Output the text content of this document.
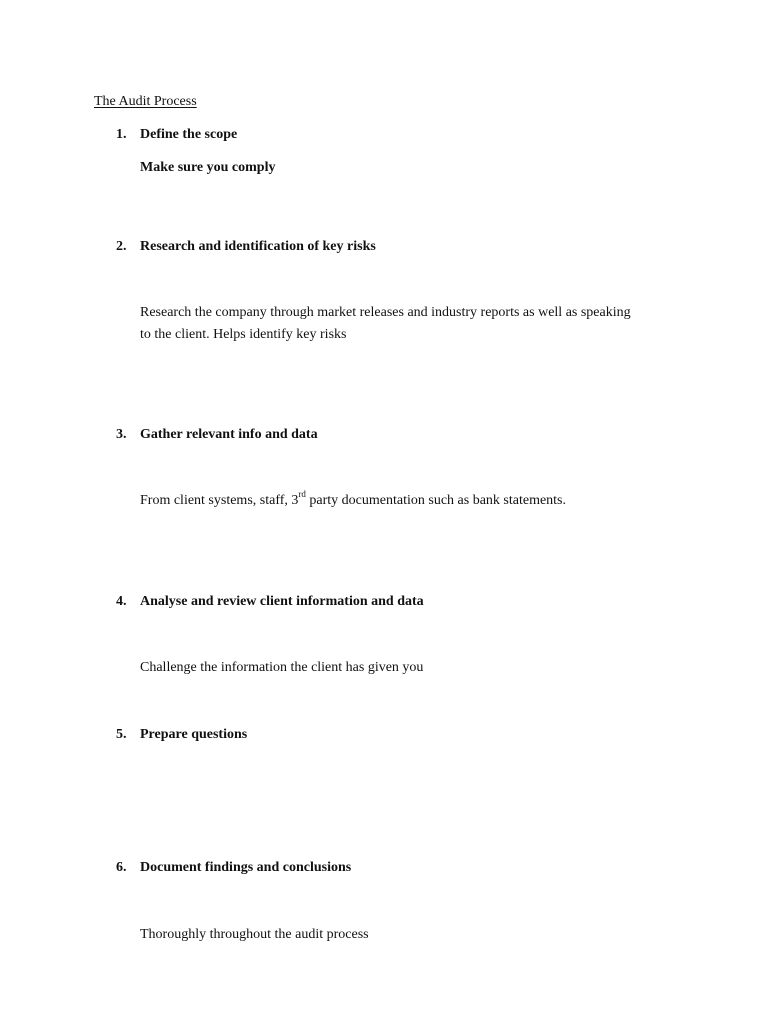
The Audit Process
1. Define the scope
Make sure you comply
2. Research and identification of key risks
Research the company through market releases and industry reports as well as speaking to the client. Helps identify key risks
3. Gather relevant info and data
From client systems, staff, 3rd party documentation such as bank statements.
4. Analyse and review client information and data
Challenge the information the client has given you
5. Prepare questions
6. Document findings and conclusions
Thoroughly throughout the audit process
